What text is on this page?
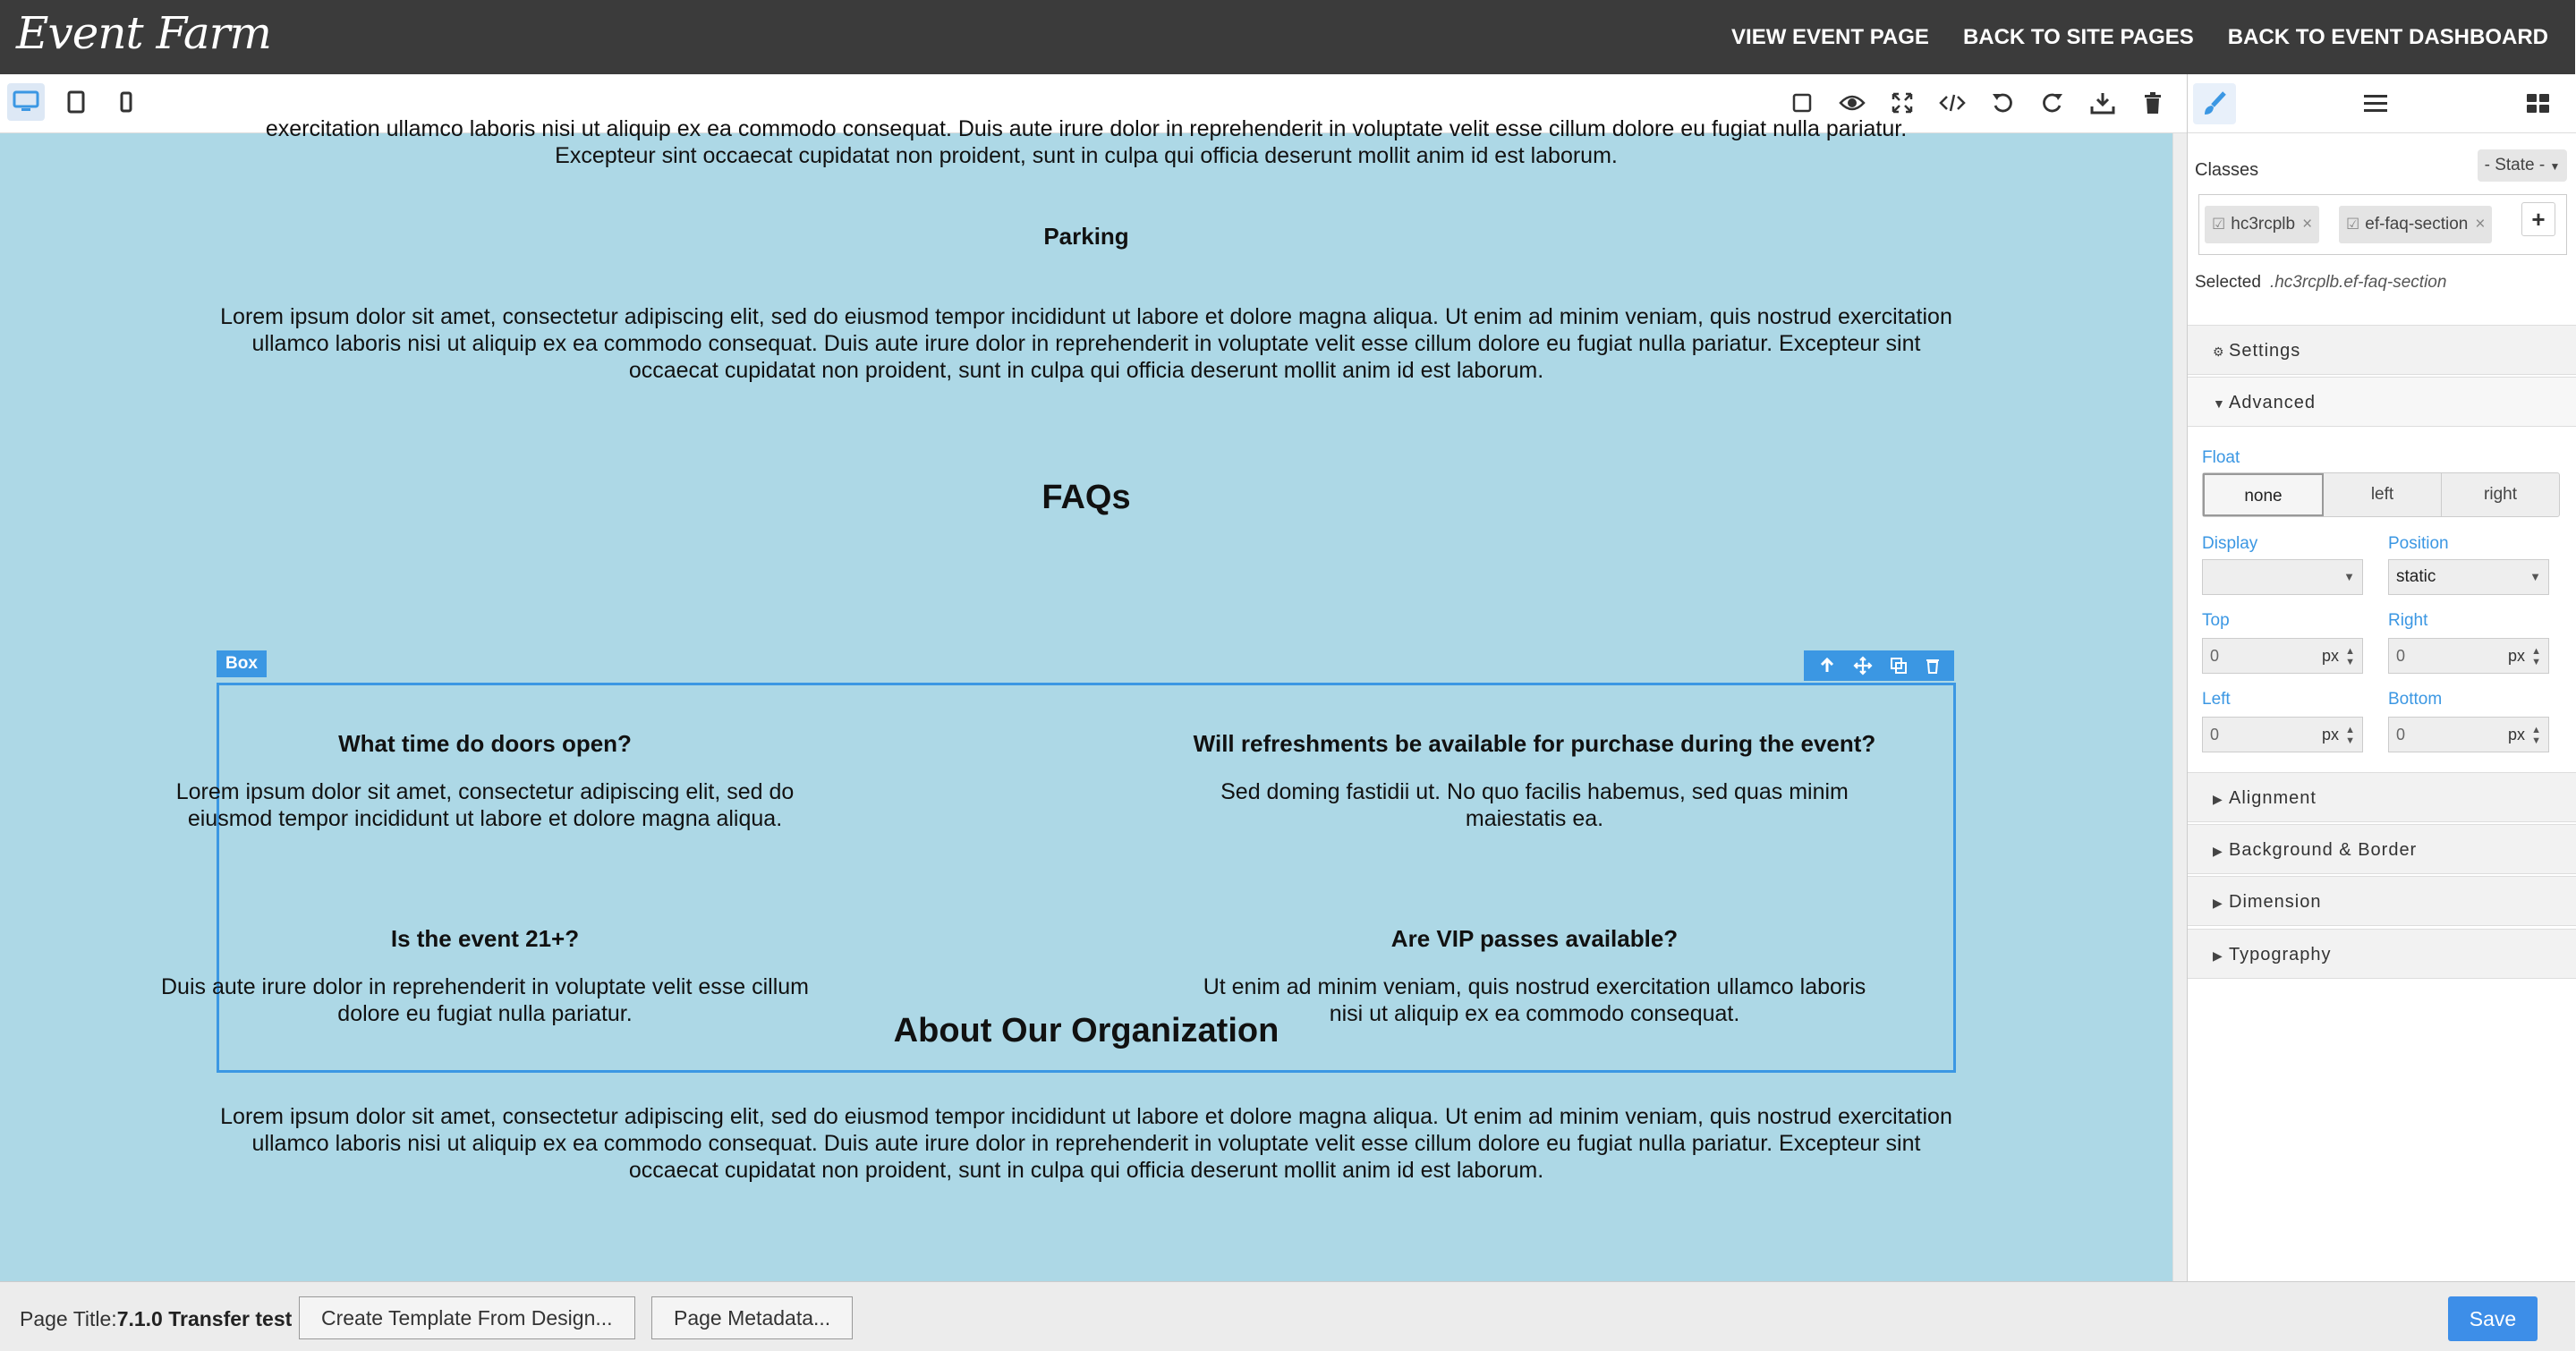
Event Farm	VIEW EVENT PAGE BACK TO SITE PAGES BACK TO EVENT DASHBOARD
exercitation ullamco laboris nisi ut aliquip ex ea commodo consequat. Duis aute irure dolor in reprehenderit in voluptate velit esse cillum dolore eu fugiat nulla pariatur.
Excepteur sint occaecat cupidatat non proident, sunt in culpa qui officia deserunt mollit anim id est laborum.
Parking
Lorem ipsum dolor sit amet, consectetur adipiscing elit, sed do eiusmod tempor incididunt ut labore et dolore magna aliqua. Ut enim ad minim veniam, quis nostrud exercitation ullamco laboris nisi ut aliquip ex ea commodo consequat. Duis aute irure dolor in reprehenderit in voluptate velit esse cillum dolore eu fugiat nulla pariatur. Excepteur sint occaecat cupidatat non proident, sunt in culpa qui officia deserunt mollit anim id est laborum.
FAQs
Box
What time do doors open?
Lorem ipsum dolor sit amet, consectetur adipiscing elit, sed do eiusmod tempor incididunt ut labore et dolore magna aliqua.
Will refreshments be available for purchase during the event?
Sed doming fastidii ut. No quo facilis habemus, sed quas minim maiestatis ea.
Is the event 21+?
Duis aute irure dolor in reprehenderit in voluptate velit esse cillum dolore eu fugiat nulla pariatur.
Are VIP passes available?
Ut enim ad minim veniam, quis nostrud exercitation ullamco laboris nisi ut aliquip ex ea commodo consequat.
About Our Organization
Lorem ipsum dolor sit amet, consectetur adipiscing elit, sed do eiusmod tempor incididunt ut labore et dolore magna aliqua. Ut enim ad minim veniam, quis nostrud exercitation ullamco laboris nisi ut aliquip ex ea commodo consequat. Duis aute irure dolor in reprehenderit in voluptate velit esse cillum dolore eu fugiat nulla pariatur. Excepteur sint occaecat cupidatat non proident, sunt in culpa qui officia deserunt mollit anim id est laborum.
Classes	- State - ▼
☑ hc3rcplb ×	☑ ef-faq-section ×	+
Selected .hc3rcplb.ef-faq-section
⚙ Settings
▼ Advanced
Float
none	left	right
Display
▼
Position
static	▼
Top
0	px ▲
▼
Right
0	px ▲
▼
Left
0	px ▲
▼
Bottom
0	px ▲
▼
▶ Alignment
▶ Background & Border
▶ Dimension
▶ Typography
Page Title:7.1.0 Transfer test	Create Template From Design...	Page Metadata...	Save
